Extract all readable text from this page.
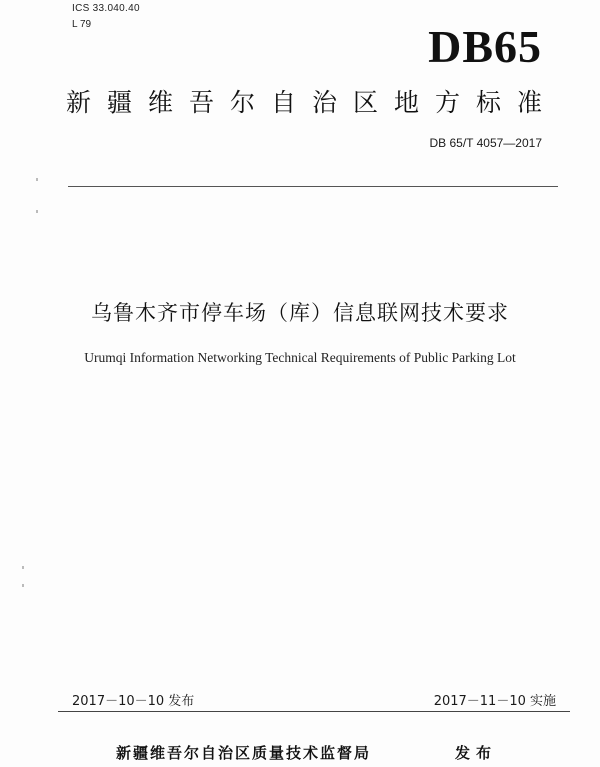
ICS 33.040.40
L 79	DB65
新疆维吾尔自治区地方标准
DB 65/T 4057—2017
乌鲁木齐市停车场（库）信息联网技术要求
Urumqi Information Networking Technical Requirements of Public Parking Lot
2017－10－10 发布	2017－11－10 实施
新疆维吾尔自治区质量技术监督局	发布
